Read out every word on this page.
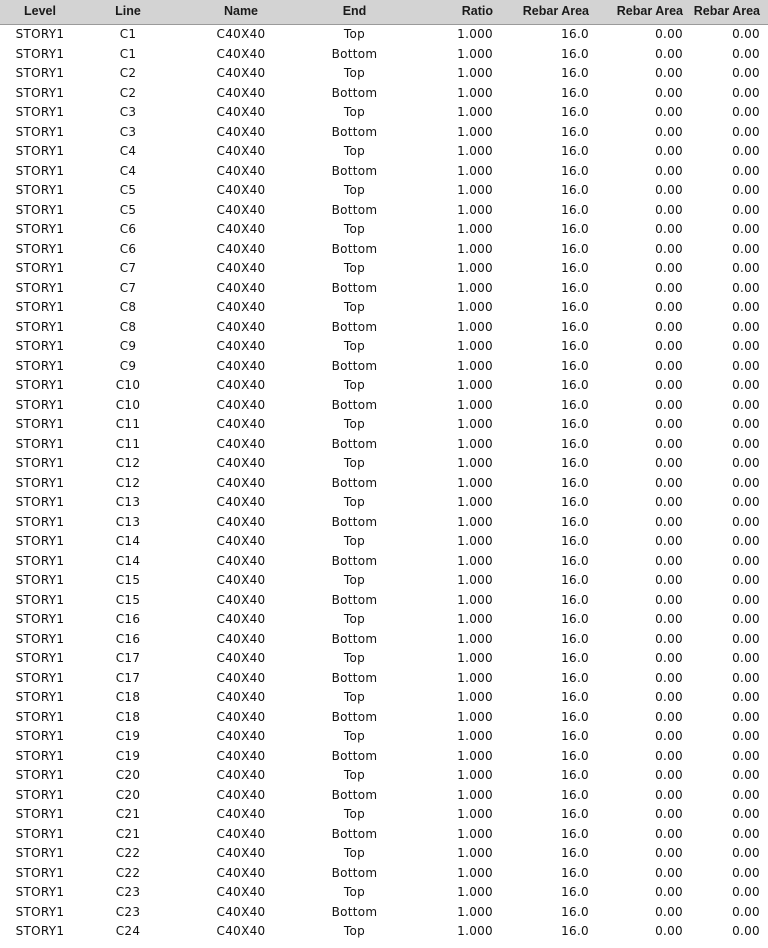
Level	Line	Name	End	Ratio	Rebar Area	Rebar Area	Rebar Area
STORY1	C1	C40X40	Top	1.000	16.0	0.00	0.00
STORY1	C1	C40X40	Bottom	1.000	16.0	0.00	0.00
STORY1	C2	C40X40	Top	1.000	16.0	0.00	0.00
STORY1	C2	C40X40	Bottom	1.000	16.0	0.00	0.00
STORY1	C3	C40X40	Top	1.000	16.0	0.00	0.00
STORY1	C3	C40X40	Bottom	1.000	16.0	0.00	0.00
STORY1	C4	C40X40	Top	1.000	16.0	0.00	0.00
STORY1	C4	C40X40	Bottom	1.000	16.0	0.00	0.00
STORY1	C5	C40X40	Top	1.000	16.0	0.00	0.00
STORY1	C5	C40X40	Bottom	1.000	16.0	0.00	0.00
STORY1	C6	C40X40	Top	1.000	16.0	0.00	0.00
STORY1	C6	C40X40	Bottom	1.000	16.0	0.00	0.00
STORY1	C7	C40X40	Top	1.000	16.0	0.00	0.00
STORY1	C7	C40X40	Bottom	1.000	16.0	0.00	0.00
STORY1	C8	C40X40	Top	1.000	16.0	0.00	0.00
STORY1	C8	C40X40	Bottom	1.000	16.0	0.00	0.00
STORY1	C9	C40X40	Top	1.000	16.0	0.00	0.00
STORY1	C9	C40X40	Bottom	1.000	16.0	0.00	0.00
STORY1	C10	C40X40	Top	1.000	16.0	0.00	0.00
STORY1	C10	C40X40	Bottom	1.000	16.0	0.00	0.00
STORY1	C11	C40X40	Top	1.000	16.0	0.00	0.00
STORY1	C11	C40X40	Bottom	1.000	16.0	0.00	0.00
STORY1	C12	C40X40	Top	1.000	16.0	0.00	0.00
STORY1	C12	C40X40	Bottom	1.000	16.0	0.00	0.00
STORY1	C13	C40X40	Top	1.000	16.0	0.00	0.00
STORY1	C13	C40X40	Bottom	1.000	16.0	0.00	0.00
STORY1	C14	C40X40	Top	1.000	16.0	0.00	0.00
STORY1	C14	C40X40	Bottom	1.000	16.0	0.00	0.00
STORY1	C15	C40X40	Top	1.000	16.0	0.00	0.00
STORY1	C15	C40X40	Bottom	1.000	16.0	0.00	0.00
STORY1	C16	C40X40	Top	1.000	16.0	0.00	0.00
STORY1	C16	C40X40	Bottom	1.000	16.0	0.00	0.00
STORY1	C17	C40X40	Top	1.000	16.0	0.00	0.00
STORY1	C17	C40X40	Bottom	1.000	16.0	0.00	0.00
STORY1	C18	C40X40	Top	1.000	16.0	0.00	0.00
STORY1	C18	C40X40	Bottom	1.000	16.0	0.00	0.00
STORY1	C19	C40X40	Top	1.000	16.0	0.00	0.00
STORY1	C19	C40X40	Bottom	1.000	16.0	0.00	0.00
STORY1	C20	C40X40	Top	1.000	16.0	0.00	0.00
STORY1	C20	C40X40	Bottom	1.000	16.0	0.00	0.00
STORY1	C21	C40X40	Top	1.000	16.0	0.00	0.00
STORY1	C21	C40X40	Bottom	1.000	16.0	0.00	0.00
STORY1	C22	C40X40	Top	1.000	16.0	0.00	0.00
STORY1	C22	C40X40	Bottom	1.000	16.0	0.00	0.00
STORY1	C23	C40X40	Top	1.000	16.0	0.00	0.00
STORY1	C23	C40X40	Bottom	1.000	16.0	0.00	0.00
STORY1	C24	C40X40	Top	1.000	16.0	0.00	0.00
